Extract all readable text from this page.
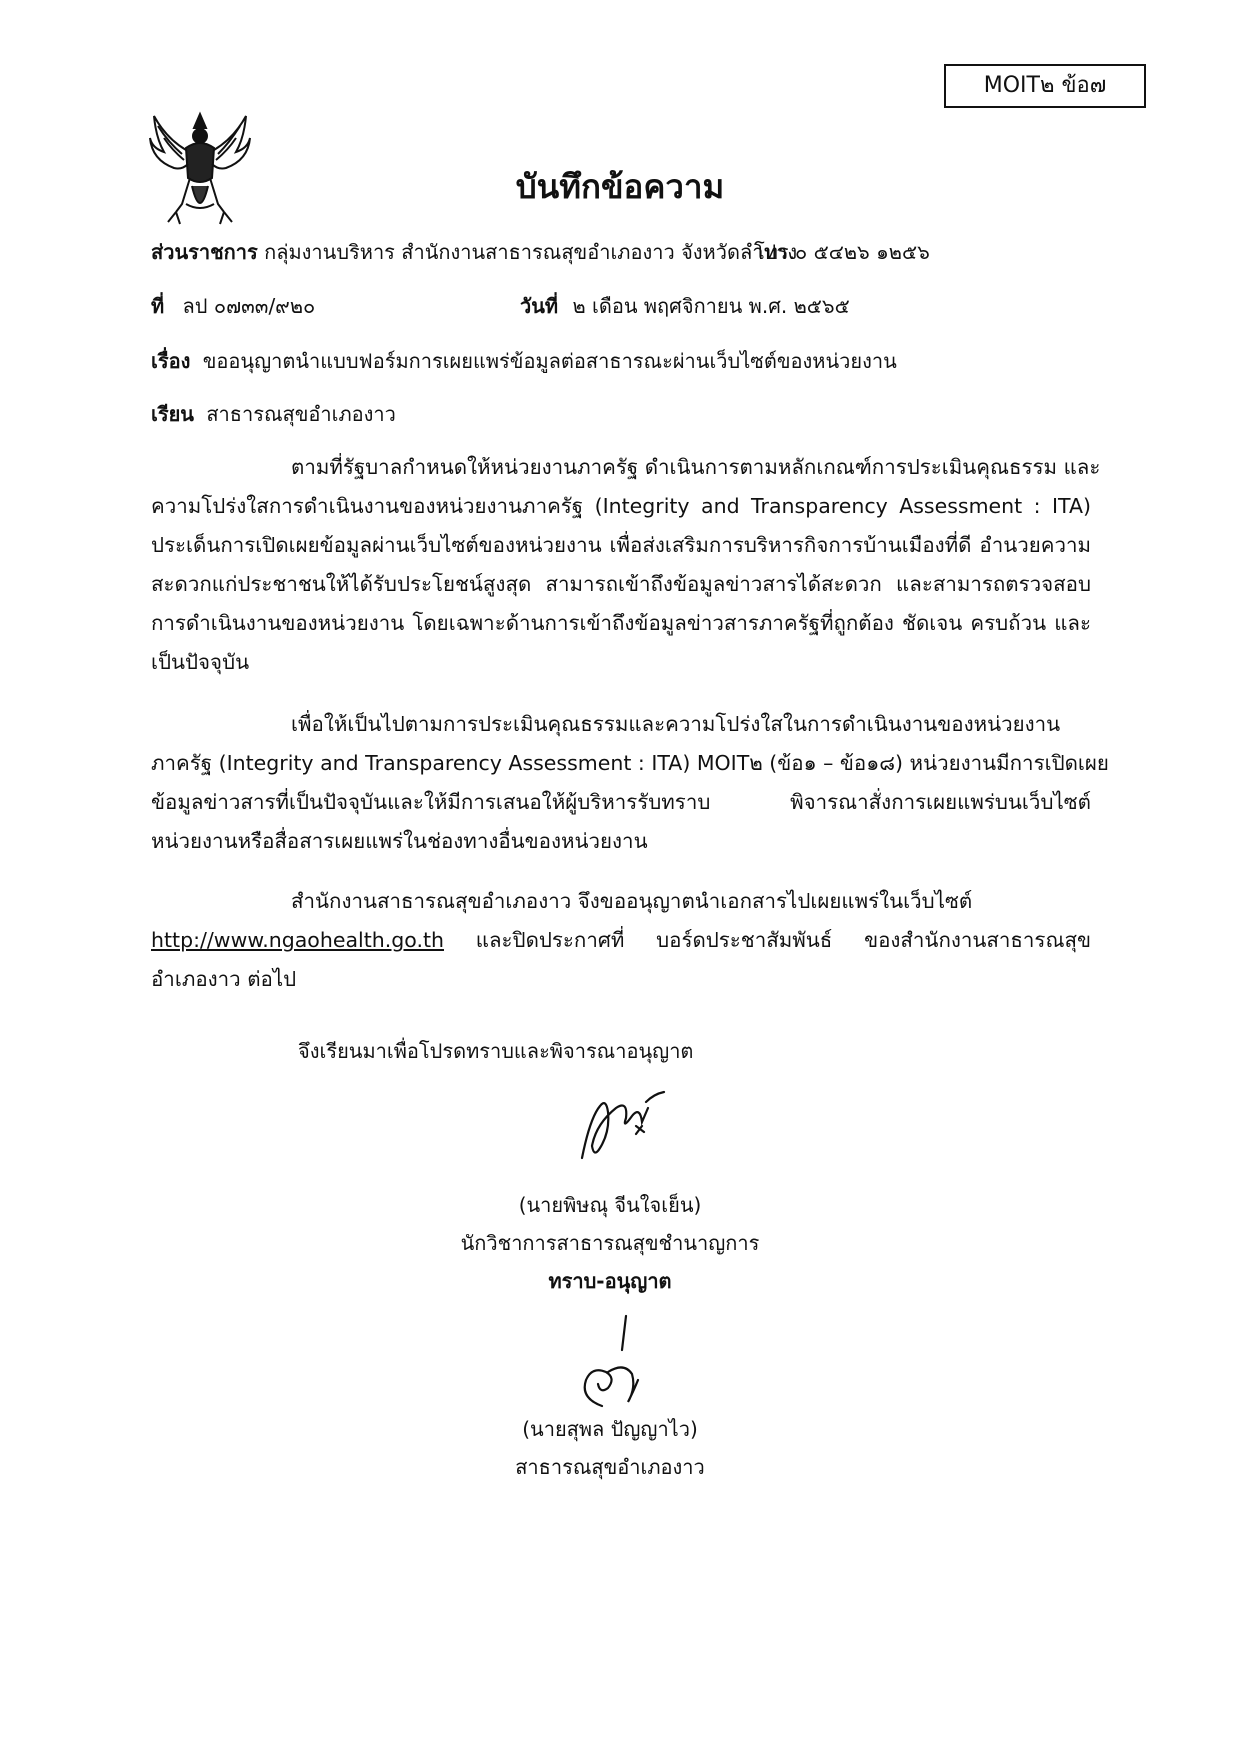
MOIT๒ ข้อ๗
บันทึกข้อความ
ส่วนราชการ กลุ่มงานบริหาร สำนักงานสาธารณสุขอำเภองาว จังหวัดลำปาง
โทร.๐ ๕๔๒๖ ๑๒๕๖
ที่ ลป ๐๗๓๓/๙๒๐	วันที่ ๒ เดือน พฤศจิกายน พ.ศ. ๒๕๖๕
เรื่อง ขออนุญาตนำแบบฟอร์มการเผยแพร่ข้อมูลต่อสาธารณะผ่านเว็บไซต์ของหน่วยงาน
เรียน สาธารณสุขอำเภองาว
ตามที่รัฐบาลกำหนดให้หน่วยงานภาครัฐ ดำเนินการตามหลักเกณฑ์การประเมินคุณธรรม และ
ความโปร่งใสการดำเนินงานของหน่วยงานภาครัฐ (Integrity and Transparency Assessment : ITA)
ประเด็นการเปิดเผยข้อมูลผ่านเว็บไซต์ของหน่วยงาน เพื่อส่งเสริมการบริหารกิจการบ้านเมืองที่ดี อำนวยความ
สะดวกแก่ประชาชนให้ได้รับประโยชน์สูงสุด สามารถเข้าถึงข้อมูลข่าวสารได้สะดวก และสามารถตรวจสอบ
การดำเนินงานของหน่วยงาน โดยเฉพาะด้านการเข้าถึงข้อมูลข่าวสารภาครัฐที่ถูกต้อง ชัดเจน ครบถ้วน และ
เป็นปัจจุบัน
เพื่อให้เป็นไปตามการประเมินคุณธรรมและความโปร่งใสในการดำเนินงานของหน่วยงาน
ภาครัฐ (Integrity and Transparency Assessment : ITA) MOIT๒ (ข้อ๑ – ข้อ๑๘) หน่วยงานมีการเปิดเผย
ข้อมูลข่าวสารที่เป็นปัจจุบันและให้มีการเสนอให้ผู้บริหารรับทราบ พิจารณาสั่งการเผยแพร่บนเว็บไซต์
หน่วยงานหรือสื่อสารเผยแพร่ในช่องทางอื่นของหน่วยงาน
สำนักงานสาธารณสุขอำเภองาว จึงขออนุญาตนำเอกสารไปเผยแพร่ในเว็บไซต์
http://www.ngaohealth.go.th และปิดประกาศที่ บอร์ดประชาสัมพันธ์ ของสำนักงานสาธารณสุข
อำเภองาว ต่อไป
จึงเรียนมาเพื่อโปรดทราบและพิจารณาอนุญาต
(นายพิษณุ จีนใจเย็น)
นักวิชาการสาธารณสุขชำนาญการ
ทราบ-อนุญาต
(นายสุพล ปัญญาไว)
สาธารณสุขอำเภองาว
